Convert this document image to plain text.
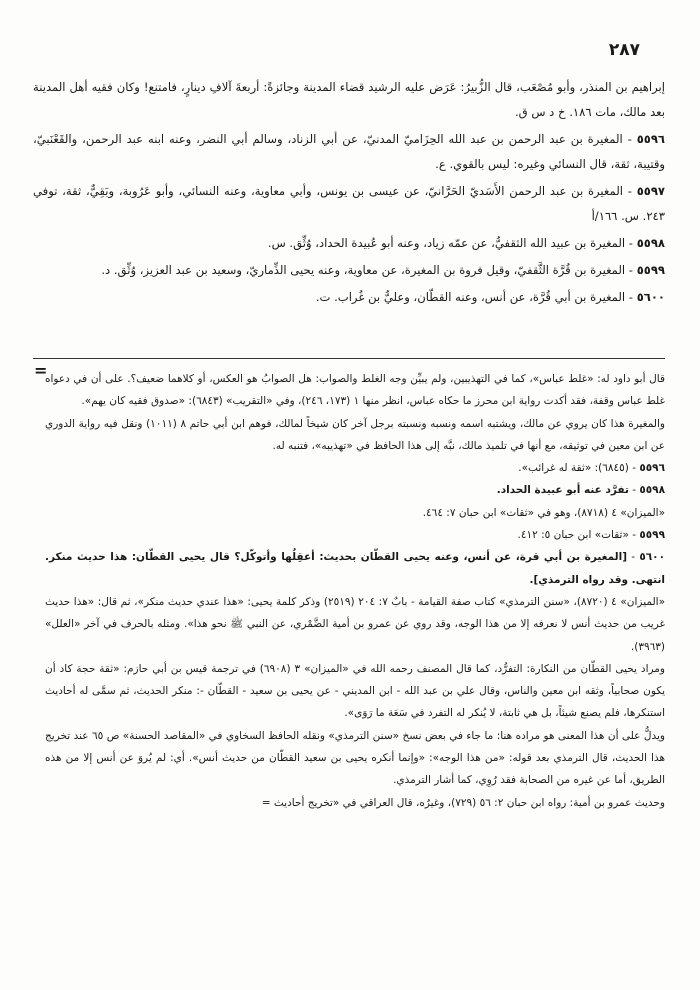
٢٨٧

إبراهيم بن المنذر، وأبو مُصْعَب، قال الزُّبيرُ: عَرَض عليه الرشيد قضاء المدينة وجائزةً: أربعةَ آلافِ دينارٍ، فامتنع! وكان فقيه أهل المدينة بعد مالك، مات ١٨٦. خ د س ق.

٥٥٩٦ - المغيرة بن عبد الرحمن بن عبد الله الحِزَاميّ المدنيّ، عن أبي الزناد، وسالم أبي النضر، وعنه ابنه عبد الرحمن، والقَعْنَبيّ، وقتيبة، ثقة، قال النسائي وغيره: ليس بالقوي. ع.

٥٥٩٧ - المغيرة بن عبد الرحمن الأَسَديّ الحَرَّانيّ، عن عيسى بن يونس، وأبي معاوية، وعنه النسائي، وأبو عَرُوبة، وبَقِيٌّ، ثقة، توفي ٢٤٣. س. ١٦٦/أ

٥٥٩٨ - المغيرة بن عبيد الله الثقفيُّ، عن عمّه زياد، وعنه أبو عُبيدة الحداد، وُثِّق. س.

٥٥٩٩ - المغيرة بن قُرَّة الثَّقفيّ، وقيل فروة بن المغيرة، عن معاوية، وعنه يحيى الذِّماريّ، وسعيد بن عبد العزيز، وُثِّق. د.

٥٦٠٠ - المغيرة بن أبي قُرَّة، عن أنس، وعنه القطّان، وعليُّ بن غُراب. ت.

=

قال أبو داود له: «غلط عباس»، كما في التهذيبين، ولم يبيِّن وجه الغلط والصواب: هل الصوابُ هو العكس، أو كلاهما ضعيف؟. على أن في دعواه غلط عباس وقفة، فقد أكدت رواية ابن محرز ما حكاه عباس، انظر منها ١ (١٧٣، ٢٤٦)، وفي «التقريب» (٦٨٤٣): «صدوق فقيه كان يهم».

والمغيرة هذا كان يروي عن مالك، ويشتبه اسمه ونسبه ونسبته برجل آخر كان شيخاً لمالك، فوهم ابن أبي حاتم ٨ (١٠١١) ونقل فيه رواية الدوري عن ابن معين في توثيقه، مع أنها في تلميذ مالك، نبَّه إلى هذا الحافظ في «تهذيبه»، فتنبه له.

٥٥٩٦ - (٦٨٤٥): «ثقة له غرائب».

٥٥٩٨ - تفرَّد عنه أبو عبيدة الحداد.

«الميزان» ٤ (٨٧١٨)، وهو في «ثقات» ابن حبان ٧: ٤٦٤.

٥٥٩٩ - «ثقات» ابن حبان ٥: ٤١٢.

٥٦٠٠ - [المغيرة بن أبي قرة، عن أنس، وعنه يحيى القطّان بحديث: أعقِلُها وأتوكّل؟ قال يحيى القطّان: هذا حديث منكر. انتهى. وقد رواه الترمذي].

«الميزان» ٤ (٨٧٢٠)، «سنن الترمذي» كتاب صفة القيامة - بابٌ ٧: ٢٠٤ (٢٥١٩) وذكر كلمة يحيى: «هذا عندي حديث منكر»، ثم قال: «هذا حديث غريب من حديث أنس لا نعرفه إلا من هذا الوجه، وقد روي عن عمرو بن أمية الضَّمْري، عن النبي ﷺ نحو هذا». ومثله بالحرف في آخر «العلل» (٣٩٦٣).

ومراد يحيى القطّان من النكارة: التفرُّد، كما قال المصنف رحمه الله في «الميزان» ٣ (٦٩٠٨) في ترجمة قيس بن أبي حازم: «ثقة حجة كاد أن يكون صحابياً، وثقه ابن معين والناس، وقال علي بن عبد الله - ابن المديني - عن يحيى بن سعيد - القطّان -: منكر الحديث، ثم سمَّى له أحاديث استنكرها، فلم يصنع شيئاً، بل هي ثابتة، لا يُنكر له التفرد في سَعَة ما رَوَى».

ويدلُّ على أن هذا المعنى هو مراده هنا: ما جاء في بعض نسخ «سنن الترمذي» ونقله الحافظ السخاوي في «المقاصد الحسنة» ص ٦٥ عند تخريج هذا الحديث، قال الترمذي بعد قوله: «من هذا الوجه»: «وإنما أنكره يحيى بن سعيد القطّان من حديث أنس». أي: لم يُروَ عن أنس إلا من هذه الطريق، أما عن غيره من الصحابة فقد رُوِي، كما أشار الترمذي.

وحديث عمرو بن أمية: رواه ابن حبان ٢: ٥٦ (٧٢٩)، وغيرُه، قال العراقي في «تخريج أحاديث =
